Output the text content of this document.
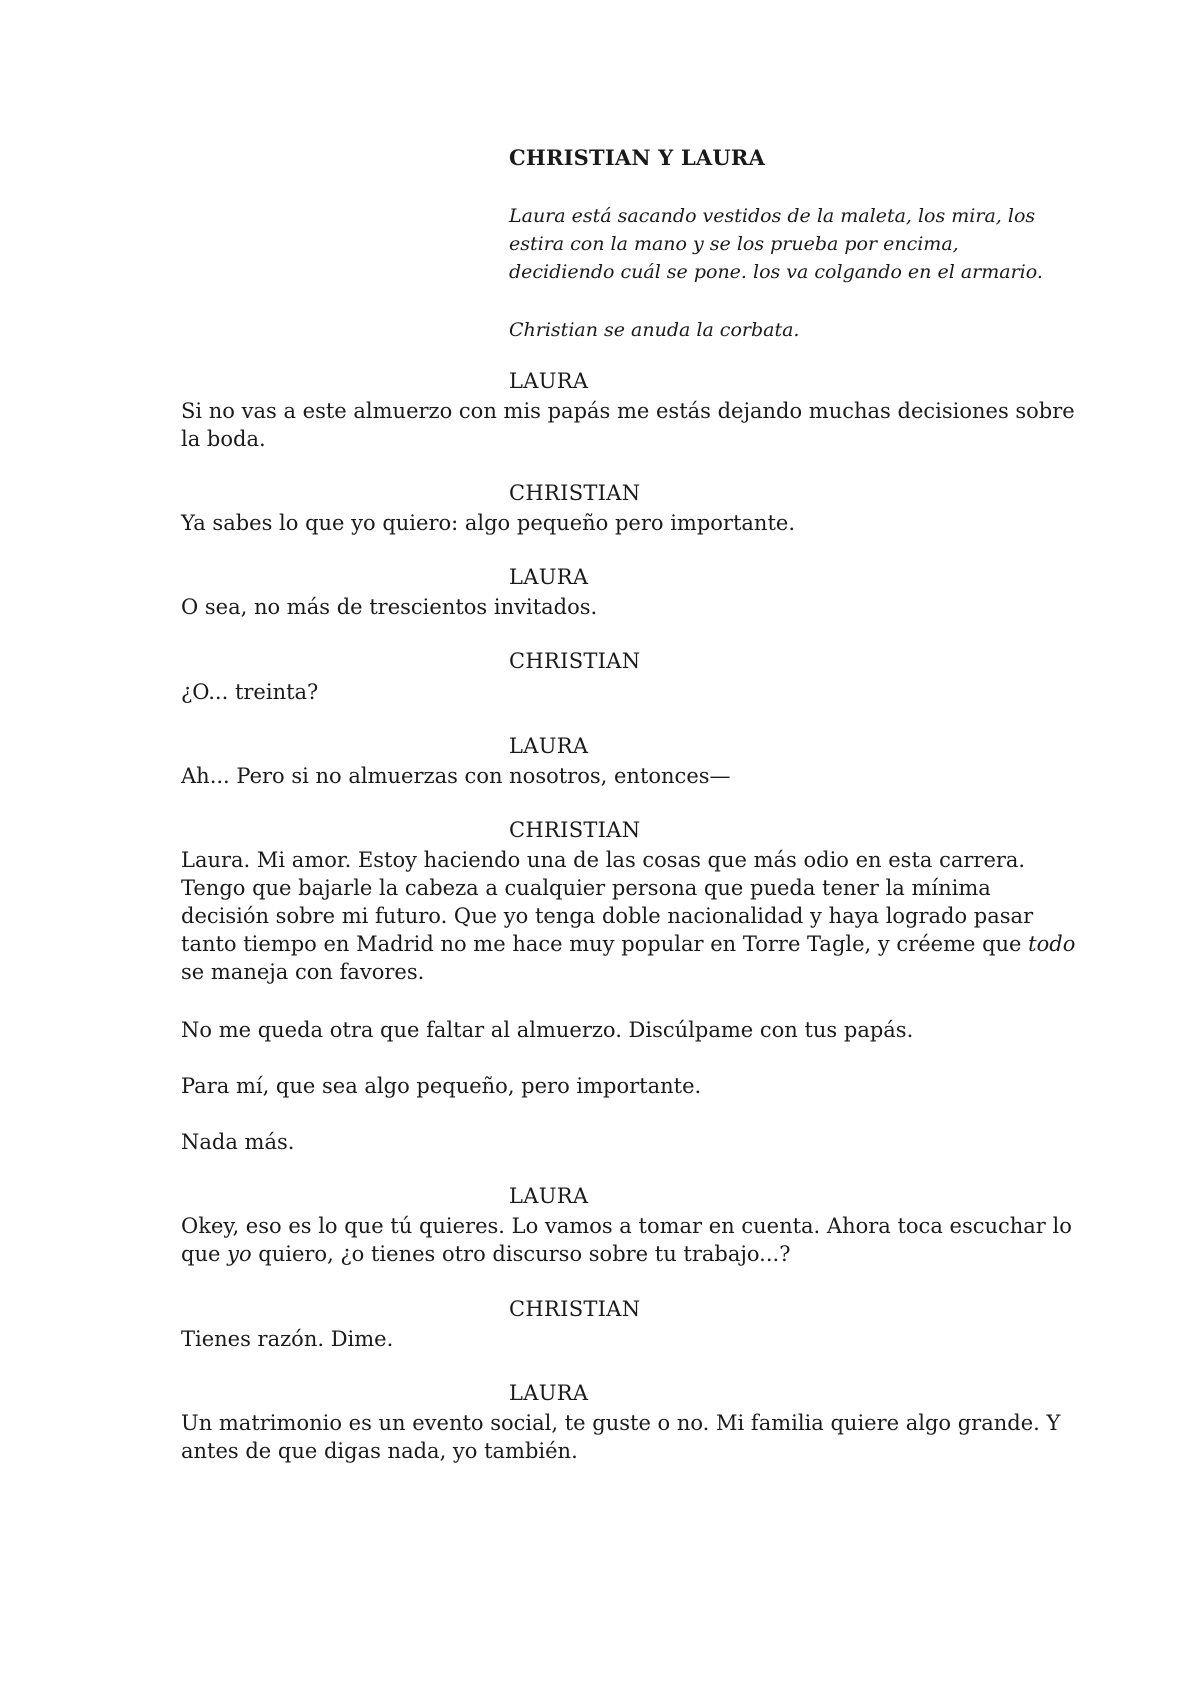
CHRISTIAN Y LAURA

Laura está sacando vestidos de la maleta, los mira, los estira con la mano y se los prueba por encima, decidiendo cuál se pone. los va colgando en el armario.

Christian se anuda la corbata.

LAURA

Si no vas a este almuerzo con mis papás me estás dejando muchas decisiones sobre la boda.

CHRISTIAN

Ya sabes lo que yo quiero: algo pequeño pero importante.

LAURA

O sea, no más de trescientos invitados.

CHRISTIAN

¿O... treinta?

LAURA

Ah... Pero si no almuerzas con nosotros, entonces—

CHRISTIAN

Laura. Mi amor. Estoy haciendo una de las cosas que más odio en esta carrera. Tengo que bajarle la cabeza a cualquier persona que pueda tener la mínima decisión sobre mi futuro. Que yo tenga doble nacionalidad y haya logrado pasar tanto tiempo en Madrid no me hace muy popular en Torre Tagle, y créeme que todo se maneja con favores.

No me queda otra que faltar al almuerzo. Discúlpame con tus papás.

Para mí, que sea algo pequeño, pero importante.

Nada más.

LAURA

Okey, eso es lo que tú quieres. Lo vamos a tomar en cuenta. Ahora toca escuchar lo que yo quiero, ¿o tienes otro discurso sobre tu trabajo...?

CHRISTIAN

Tienes razón. Dime.

LAURA

Un matrimonio es un evento social, te guste o no. Mi familia quiere algo grande. Y antes de que digas nada, yo también.
